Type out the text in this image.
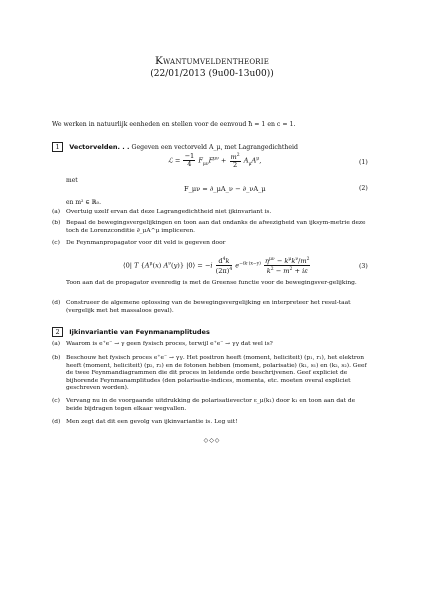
Kwantumveldentheorie
(22/01/2013 (9u00-13u00))
We werken in natuurlijk eenheden en stellen voor de eenvoud ħ = 1 en c = 1.
1 Vectorvelden. . . Gegeven een vectorveld A_μ, met Lagrangedichtheid
ℒ = $\frac{-1}{4} F_{\mu\nu}F^{\mu\nu} + \frac{m^2}{2} A_\mu A^\mu$,	(1)
met
F_μν = ∂_μA_ν − ∂_νA_μ	(2)
en m² ∈ ℝ₀.
(a) Overtuig uzelf ervan dat deze Lagrangedichtheid niet ijkinvariant is.
(b) Bepaal de bewegingsvergelijkingen en toon aan dat ondanks de afwezigheid van ijksym-metrie deze toch de Lorenzconditie ∂_μA^μ impliceren.
(c) De Feynmanpropagator voor dit veld is gegeven door
⟨0| T {$A^\mu(x)$ $A^\nu(y)$} |0⟩ = $-i \frac{d^4k}{(2\pi)^4} e^{-ik\cdot(x-y)} \frac{\eta^{\mu\nu} - k^\mu k^\nu/m^2}{k^2 - m^2 + i\varepsilon}$	(3)
Toon aan dat de propagator evenredig is met de Greense functie voor de bewegingsver-gelijking.
(d) Construeer de algemene oplossing van de bewegingsvergelijking en interpreteer het resul-taat (vergelijk met het massaloos geval).
2 Ijkinvariantie van Feynmanamplitudes
(a) Waarom is e⁺e⁻ → γ geen fysisch proces, terwijl e⁺e⁻ → γγ dat wel is?
(b) Beschouw het fysisch proces e⁺e⁻ → γγ. Het positron heeft (moment, heliciteit) (p₁, r₁), het elektron heeft (moment, heliciteit) (p₂, r₂) en de fotonen hebben (moment, polarisatie) (k₁, s₁) en (k₂, s₂). Geef de twee Feynmandiagrammen die dit proces in leidende orde beschrijvenen. Geef expliciet de bijhorende Feynmanamplitudes (den polarisatie-indices, momenta, etc. moeten overal expliciet geschreven worden).
(c) Vervang nu in de voorgaande uitdrukking de polarisatievector ε_μ(k₁) door k₁ en toon aan dat de beide bijdragen tegen elkaar wegvallen.
(d) Men zegt dat dit een gevolg van ijkinvariantie is. Leg uit!
◇◇◇
